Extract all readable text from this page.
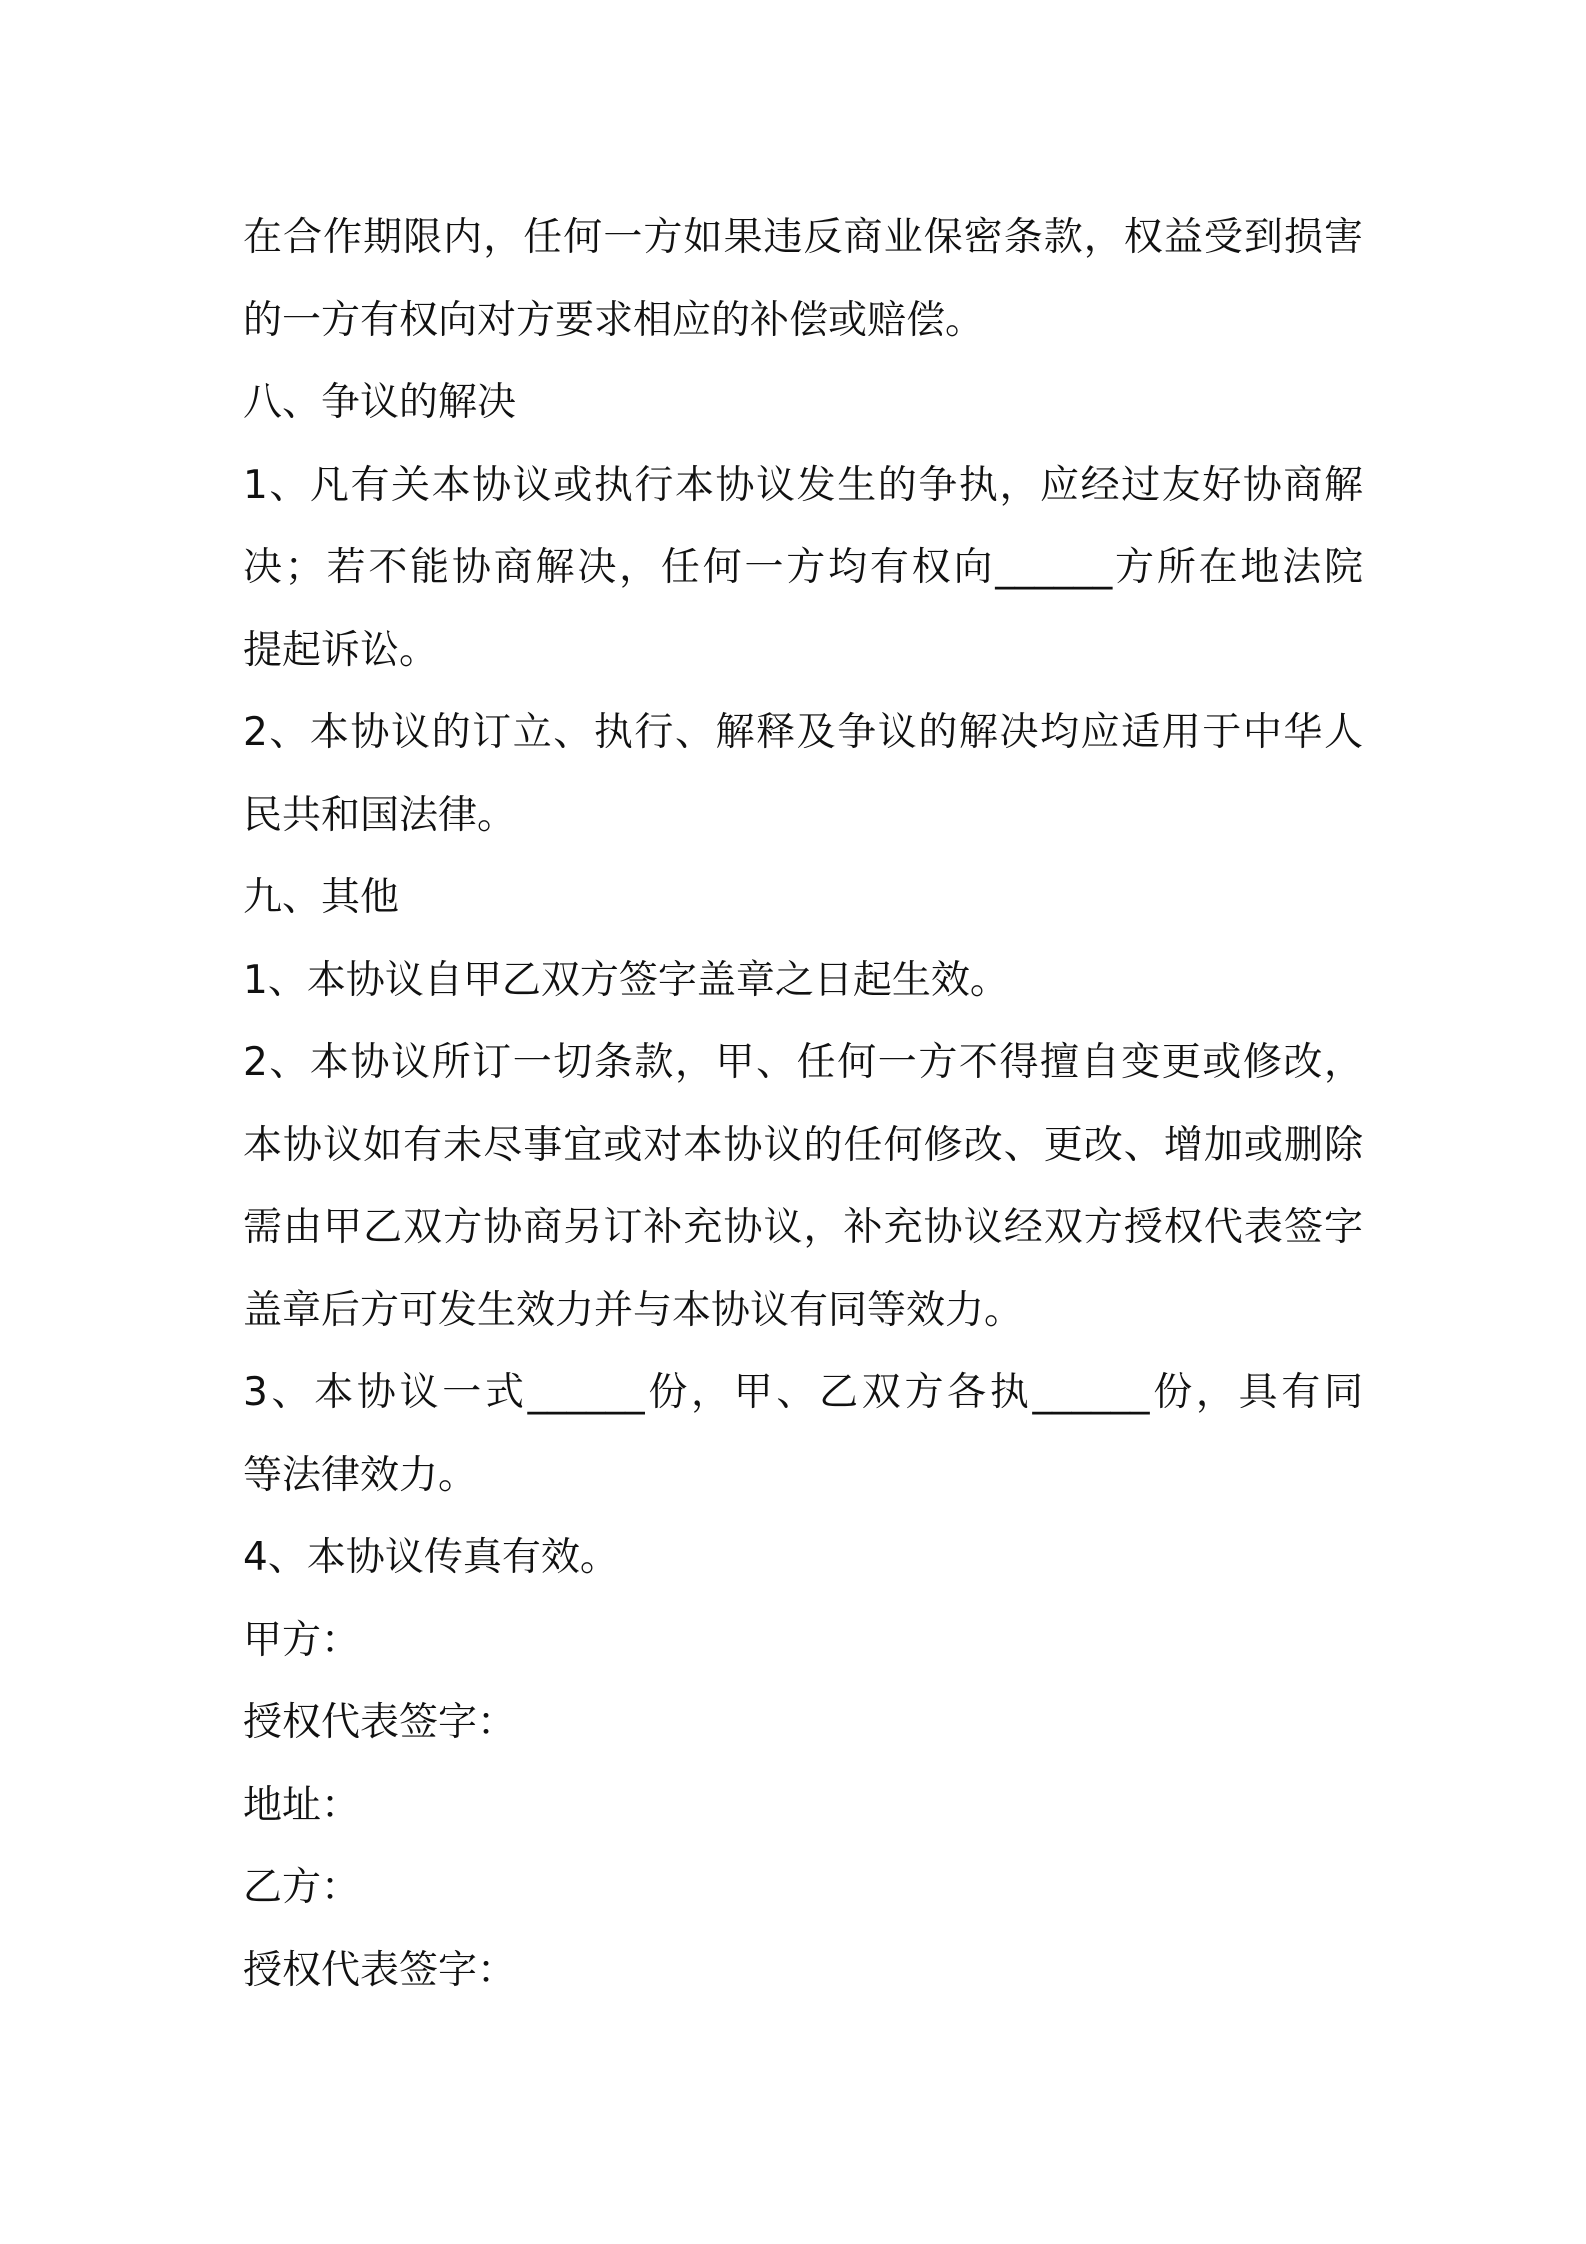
在合作期限内，任何一方如果违反商业保密条款，权益受到损害
的一方有权向对方要求相应的补偿或赔偿。
八、争议的解决
1、凡有关本协议或执行本协议发生的争执，应经过友好协商解
决；若不能协商解决，任何一方均有权向______方所在地法院
提起诉讼。
2、本协议的订立、执行、解释及争议的解决均应适用于中华人
民共和国法律。
九、其他
1、本协议自甲乙双方签字盖章之日起生效。
2、本协议所订一切条款，甲、任何一方不得擅自变更或修改，
本协议如有未尽事宜或对本协议的任何修改、更改、增加或删除
需由甲乙双方协商另订补充协议，补充协议经双方授权代表签字
盖章后方可发生效力并与本协议有同等效力。
3、本协议一式______份，甲、乙双方各执______份，具有同
等法律效力。
4、本协议传真有效。
甲方：
授权代表签字：
地址：
乙方：
授权代表签字：
